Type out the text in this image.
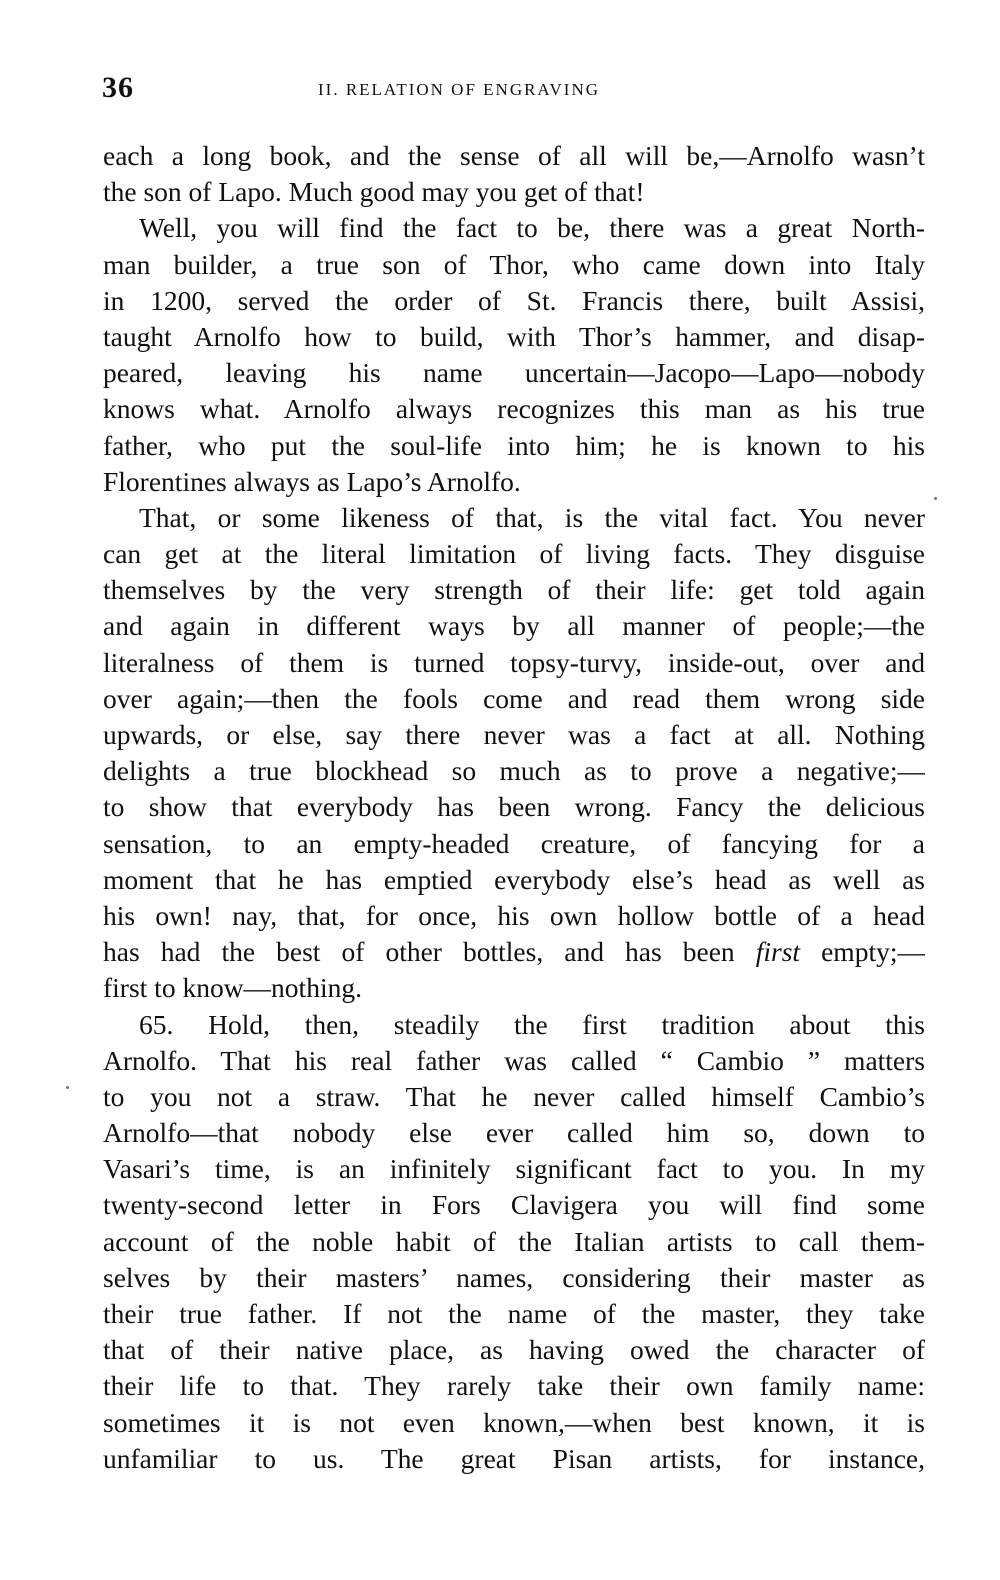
36	II. RELATION OF ENGRAVING
each a long book, and the sense of all will be,—Arnolfo wasn’t
the son of Lapo. Much good may you get of that!
Well, you will find the fact to be, there was a great North-
man builder, a true son of Thor, who came down into Italy
in 1200, served the order of St. Francis there, built Assisi,
taught Arnolfo how to build, with Thor’s hammer, and disap-
peared, leaving his name uncertain—Jacopo—Lapo—nobody
knows what. Arnolfo always recognizes this man as his true
father, who put the soul-life into him; he is known to his
Florentines always as Lapo’s Arnolfo.
That, or some likeness of that, is the vital fact. You never
can get at the literal limitation of living facts. They disguise
themselves by the very strength of their life: get told again
and again in different ways by all manner of people;—the
literalness of them is turned topsy-turvy, inside-out, over and
over again;—then the fools come and read them wrong side
upwards, or else, say there never was a fact at all. Nothing
delights a true blockhead so much as to prove a negative;—
to show that everybody has been wrong. Fancy the delicious
sensation, to an empty-headed creature, of fancying for a
moment that he has emptied everybody else’s head as well as
his own! nay, that, for once, his own hollow bottle of a head
has had the best of other bottles, and has been first empty;—
first to know—nothing.
65. Hold, then, steadily the first tradition about this
Arnolfo. That his real father was called “ Cambio ” matters
to you not a straw. That he never called himself Cambio’s
Arnolfo—that nobody else ever called him so, down to
Vasari’s time, is an infinitely significant fact to you. In my
twenty-second letter in Fors Clavigera you will find some
account of the noble habit of the Italian artists to call them-
selves by their masters’ names, considering their master as
their true father. If not the name of the master, they take
that of their native place, as having owed the character of
their life to that. They rarely take their own family name:
sometimes it is not even known,—when best known, it is
unfamiliar to us. The great Pisan artists, for instance,
